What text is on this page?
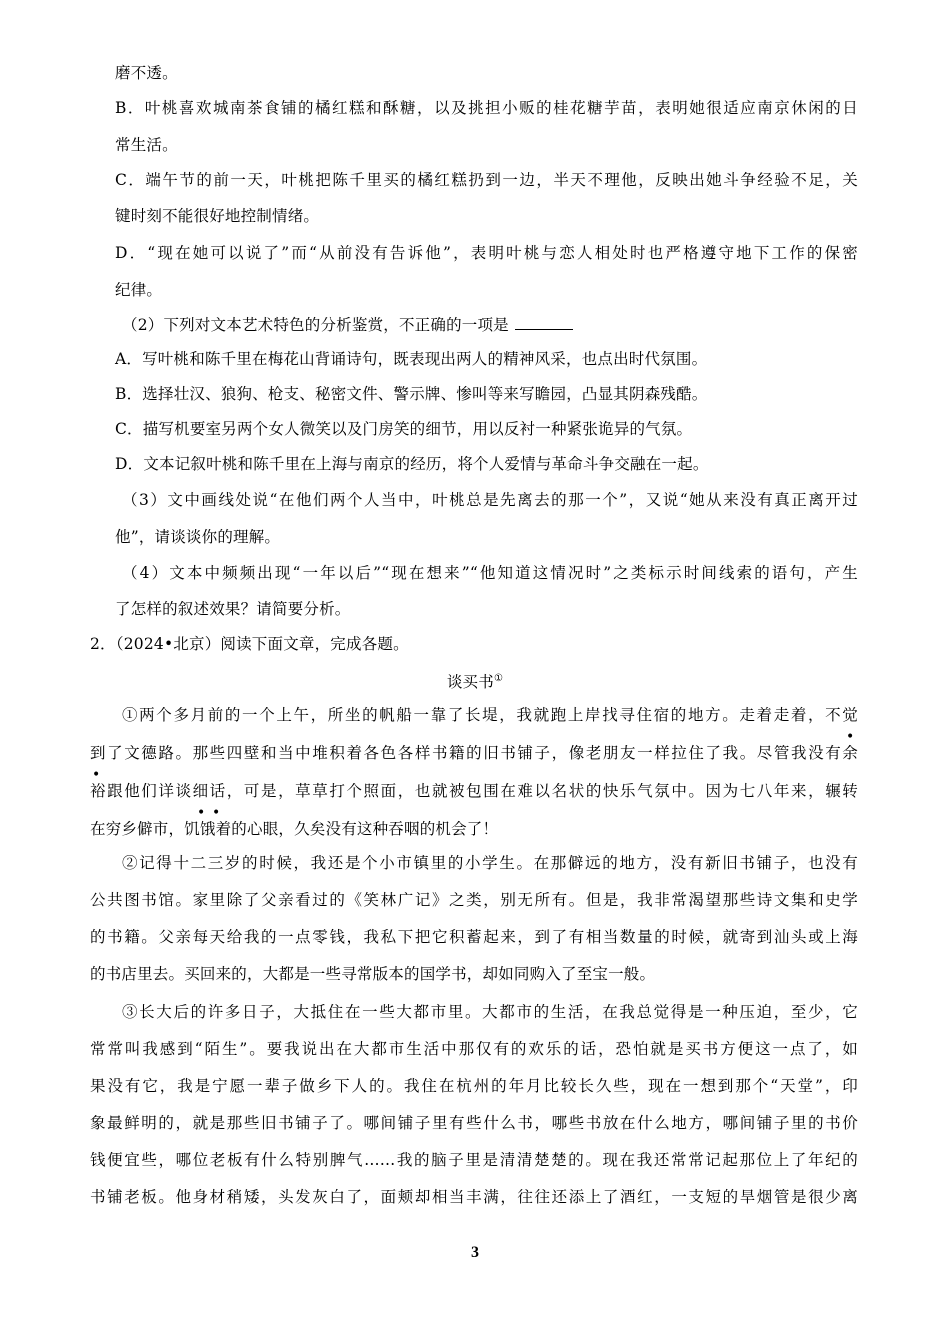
磨不透。
B．叶桃喜欢城南茶食铺的橘红糕和酥糖，以及挑担小贩的桂花糖芋苗，表明她很适应南京休闲的日
常生活。
C．端午节的前一天，叶桃把陈千里买的橘红糕扔到一边，半天不理他，反映出她斗争经验不足，关
键时刻不能很好地控制情绪。
D．“现在她可以说了”而“从前没有告诉他”，表明叶桃与恋人相处时也严格遵守地下工作的保密
纪律。
（2）下列对文本艺术特色的分析鉴赏，不正确的一项是
A．写叶桃和陈千里在梅花山背诵诗句，既表现出两人的精神风采，也点出时代氛围。
B．选择壮汉、狼狗、枪支、秘密文件、警示牌、惨叫等来写瞻园，凸显其阴森残酷。
C．描写机要室另两个女人微笑以及门房笑的细节，用以反衬一种紧张诡异的气氛。
D．文本记叙叶桃和陈千里在上海与南京的经历，将个人爱情与革命斗争交融在一起。
（3）文中画线处说“在他们两个人当中，叶桃总是先离去的那一个”，又说“她从来没有真正离开过
他”，请谈谈你的理解。
（4）文本中频频出现“一年以后”“现在想来”“他知道这情况时”之类标示时间线索的语句，产生
了怎样的叙述效果？请简要分析。
2．（2024•北京）阅读下面文章，完成各题。
谈买书①
①两个多月前的一个上午，所坐的帆船一靠了长堤，我就跑上岸找寻住宿的地方。走着走着，不觉
到了文德路。那些四壁和当中堆积着各色各样书籍的旧书铺子，像老朋友一样拉住了我。尽管我没有余
裕跟他们详谈细话，可是，草草打个照面，也就被包围在难以名状的快乐气氛中。因为七八年来，辗转
在穷乡僻市，饥饿着的心眼，久矣没有这种吞咽的机会了！
•
•
• •
②记得十二三岁的时候，我还是个小市镇里的小学生。在那僻远的地方，没有新旧书铺子，也没有
公共图书馆。家里除了父亲看过的《笑林广记》之类，别无所有。但是，我非常渴望那些诗文集和史学
的书籍。父亲每天给我的一点零钱，我私下把它积蓄起来，到了有相当数量的时候，就寄到汕头或上海
的书店里去。买回来的，大都是一些寻常版本的国学书，却如同购入了至宝一般。
③长大后的许多日子，大抵住在一些大都市里。大都市的生活，在我总觉得是一种压迫，至少，它
常常叫我感到“陌生”。要我说出在大都市生活中那仅有的欢乐的话，恐怕就是买书方便这一点了，如
果没有它，我是宁愿一辈子做乡下人的。我住在杭州的年月比较长久些，现在一想到那个“天堂”，印
象最鲜明的，就是那些旧书铺子了。哪间铺子里有些什么书，哪些书放在什么地方，哪间铺子里的书价
钱便宜些，哪位老板有什么特别脾气……我的脑子里是清清楚楚的。现在我还常常记起那位上了年纪的
书铺老板。他身材稍矮，头发灰白了，面颊却相当丰满，往往还添上了酒红，一支短的旱烟管是很少离
3
